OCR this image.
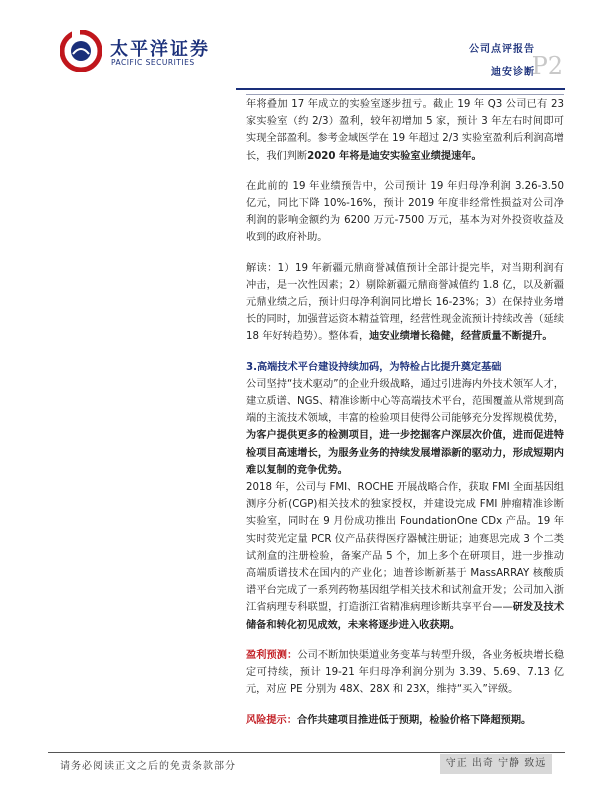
太平洋证券
PACIFIC SECURITIES
公司点评报告
迪安诊断
P2

年将叠加 17 年成立的实验室逐步扭亏。截止 19 年 Q3 公司已有 23 家实验室（约 2/3）盈利，较年初增加 5 家，预计 3 年左右时间即可实现全部盈利。参考金域医学在 19 年超过 2/3 实验室盈利后利润高增长，我们判断2020 年将是迪安实验室业绩提速年。

在此前的 19 年业绩预告中，公司预计 19 年归母净利润 3.26-3.50 亿元，同比下降 10%-16%，预计 2019 年度非经常性损益对公司净利润的影响金额约为 6200 万元-7500 万元，基本为对外投资收益及收到的政府补助。

解读：1）19 年新疆元鼎商誉减值预计全部计提完毕，对当期利润有冲击，是一次性因素；2）剔除新疆元鼎商誉减值约 1.8 亿，以及新疆元鼎业绩之后，预计归母净利润同比增长 16-23%；3）在保持业务增长的同时，加强营运资本精益管理，经营性现金流预计持续改善（延续 18 年好转趋势）。整体看，迪安业绩增长稳健，经营质量不断提升。

3.高端技术平台建设持续加码，为特检占比提升奠定基础

公司坚持“技术驱动”的企业升级战略，通过引进海内外技术领军人才，建立质谱、NGS、精准诊断中心等高端技术平台，范围覆盖从常规到高端的主流技术领域，丰富的检验项目使得公司能够充分发挥规模优势，为客户提供更多的检测项目，进一步挖掘客户深层次价值，进而促进特检项目高速增长，为服务业务的持续发展增添新的驱动力，形成短期内难以复制的竞争优势。

2018 年，公司与 FMI、ROCHE 开展战略合作，获取 FMI 全面基因组测序分析(CGP)相关技术的独家授权，并建设完成 FMI 肿瘤精准诊断实验室，同时在 9 月份成功推出 FoundationOne CDx 产品。19 年实时荧光定量 PCR 仪产品获得医疗器械注册证；迪赛思完成 3 个二类试剂盒的注册检验，备案产品 5 个，加上多个在研项目，进一步推动高端质谱技术在国内的产业化；迪普诊断新基于 MassARRAY 核酸质谱平台完成了一系列药物基因组学相关技术和试剂盒开发；公司加入浙江省病理专科联盟，打造浙江省精准病理诊断共享平台——研发及技术储备和转化初见成效，未来将逐步进入收获期。

盈利预测：公司不断加快渠道业务变革与转型升级，各业务板块增长稳定可持续，预计 19-21 年归母净利润分别为 3.39、5.69、7.13 亿元，对应 PE 分别为 48X、28X 和 23X，维持“买入”评级。

风险提示：合作共建项目推进低于预期，检验价格下降超预期。

请务必阅读正文之后的免责条款部分	守正 出奇 宁静 致远
